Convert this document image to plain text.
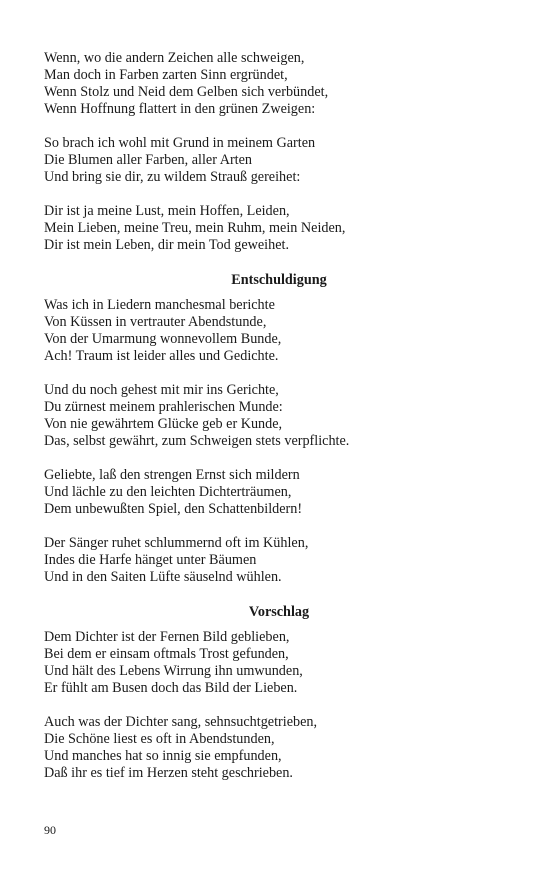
Wenn, wo die andern Zeichen alle schweigen,
Man doch in Farben zarten Sinn ergründet,
Wenn Stolz und Neid dem Gelben sich verbündet,
Wenn Hoffnung flattert in den grünen Zweigen:
So brach ich wohl mit Grund in meinem Garten
Die Blumen aller Farben, aller Arten
Und bring sie dir, zu wildem Strauß gereihet:
Dir ist ja meine Lust, mein Hoffen, Leiden,
Mein Lieben, meine Treu, mein Ruhm, mein Neiden,
Dir ist mein Leben, dir mein Tod geweihet.
Entschuldigung
Was ich in Liedern manchesmal berichte
Von Küssen in vertrauter Abendstunde,
Von der Umarmung wonnevollem Bunde,
Ach! Traum ist leider alles und Gedichte.
Und du noch gehest mit mir ins Gerichte,
Du zürnest meinem prahlerischen Munde:
Von nie gewährtem Glücke geb er Kunde,
Das, selbst gewährt, zum Schweigen stets verpflichte.
Geliebte, laß den strengen Ernst sich mildern
Und lächle zu den leichten Dichterträumen,
Dem unbewußten Spiel, den Schattenbildern!
Der Sänger ruhet schlummernd oft im Kühlen,
Indes die Harfe hänget unter Bäumen
Und in den Saiten Lüfte säuselnd wühlen.
Vorschlag
Dem Dichter ist der Fernen Bild geblieben,
Bei dem er einsam oftmals Trost gefunden,
Und hält des Lebens Wirrung ihn umwunden,
Er fühlt am Busen doch das Bild der Lieben.
Auch was der Dichter sang, sehnsuchtgetrieben,
Die Schöne liest es oft in Abendstunden,
Und manches hat so innig sie empfunden,
Daß ihr es tief im Herzen steht geschrieben.
90
